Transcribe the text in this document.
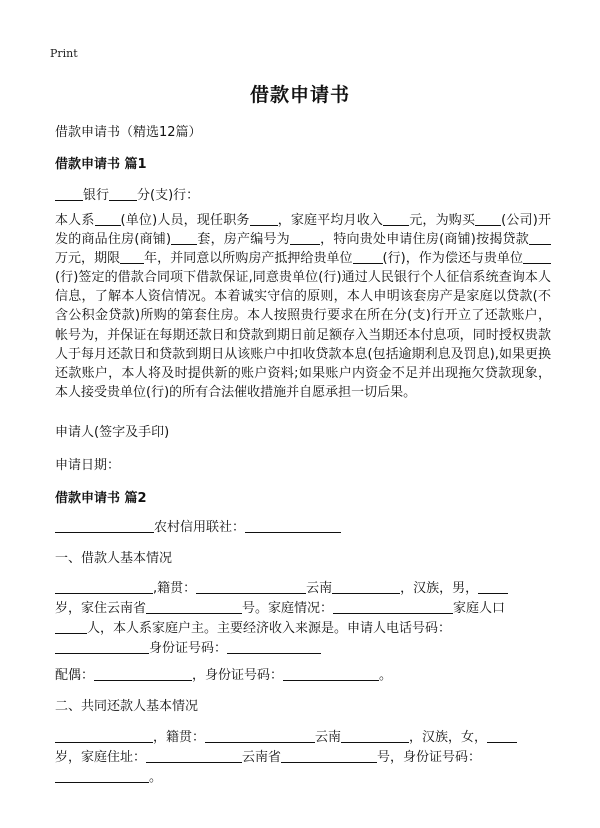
Print
借款申请书
借款申请书（精选12篇）
借款申请书 篇1
银行 分(支)行：
本人系 (单位)人员，现任职务 ，家庭平均月收入 元，为购买 (公司)开发的商品住房(商铺) 套，房产编号为 ，特向贵处申请住房(商铺)按揭贷款万元，期限 年，并同意以所购房产抵押给贵单位 (行)，作为偿还与贵单位(行)签定的借款合同项下借款保证,同意贵单位(行)通过人民银行个人征信系统查询本人信息，了解本人资信情况。本着诚实守信的原则，本人申明该套房产是家庭以贷款(不含公积金贷款)所购的第套住房。本人按照贵行要求在所在分(支)行开立了还款账户，帐号为，并保证在每期还款日和贷款到期日前足额存入当期还本付息项，同时授权贵款人于每月还款日和贷款到期日从该账户中扣收贷款本息(包括逾期利息及罚息),如果更换还款账户，本人将及时提供新的账户资料;如果账户内资金不足并出现拖欠贷款现象，本人接受贵单位(行)的所有合法催收措施并自愿承担一切后果。
申请人(签字及手印)
申请日期：
借款申请书 篇2
农村信用联社：
一、借款人基本情况
,籍贯：	云南	，汉族，男，
岁，家住云南省	号。家庭情况：	家庭人口
人，本人系家庭户主。主要经济收入来源是。申请人电话号码：
身份证号码：
配偶：	，身份证号码：	。
二、共同还款人基本情况
，籍贯：	云南	，汉族，女，
岁，家庭住址：	云南省	号，身份证号码：
。
